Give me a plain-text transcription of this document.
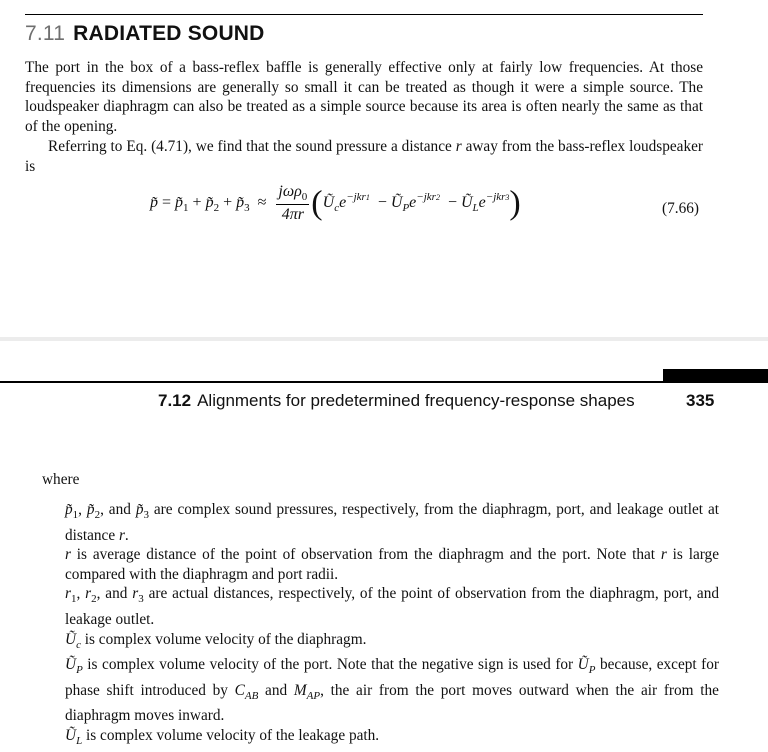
7.11 RADIATED SOUND

The port in the box of a bass-reflex baffle is generally effective only at fairly low frequencies. At those frequencies its dimensions are generally so small it can be treated as though it were a simple source. The loudspeaker diaphragm can also be treated as a simple source because its area is often nearly the same as that of the opening.

Referring to Eq. (4.71), we find that the sound pressure a distance r away from the bass-reflex loudspeaker is

p̃ = $p̃_1$ + $p̃_2$ + $p̃_3 \approx \frac{j\omega\rho_0}{4\pi r}$ ($Ũ_ce^{-jkr1}$  − $Ũ_Pe^{-jkr2}$  − $Ũ_Le^{-jkr3}$)	(7.66)
7.12 Alignments for predetermined frequency-response shapes	335
where

$p̃_1$, $p̃_2$, and $p̃_3$ are complex sound pressures, respectively, from the diaphragm, port, and leakage outlet at distance r.

r is average distance of the point of observation from the diaphragm and the port. Note that r is large compared with the diaphragm and port radii.

$r_1$, $r_2$, and $r_3$ are actual distances, respectively, of the point of observation from the diaphragm, port, and leakage outlet.

$Ũ_c$ is complex volume velocity of the diaphragm.

$Ũ_P$ is complex volume velocity of the port. Note that the negative sign is used for $Ũ_P$ because, except for phase shift introduced by $C_{AB}$ and $M_{AP}$, the air from the port moves outward when the air from the diaphragm moves inward.

$Ũ_L$ is complex volume velocity of the leakage path.
